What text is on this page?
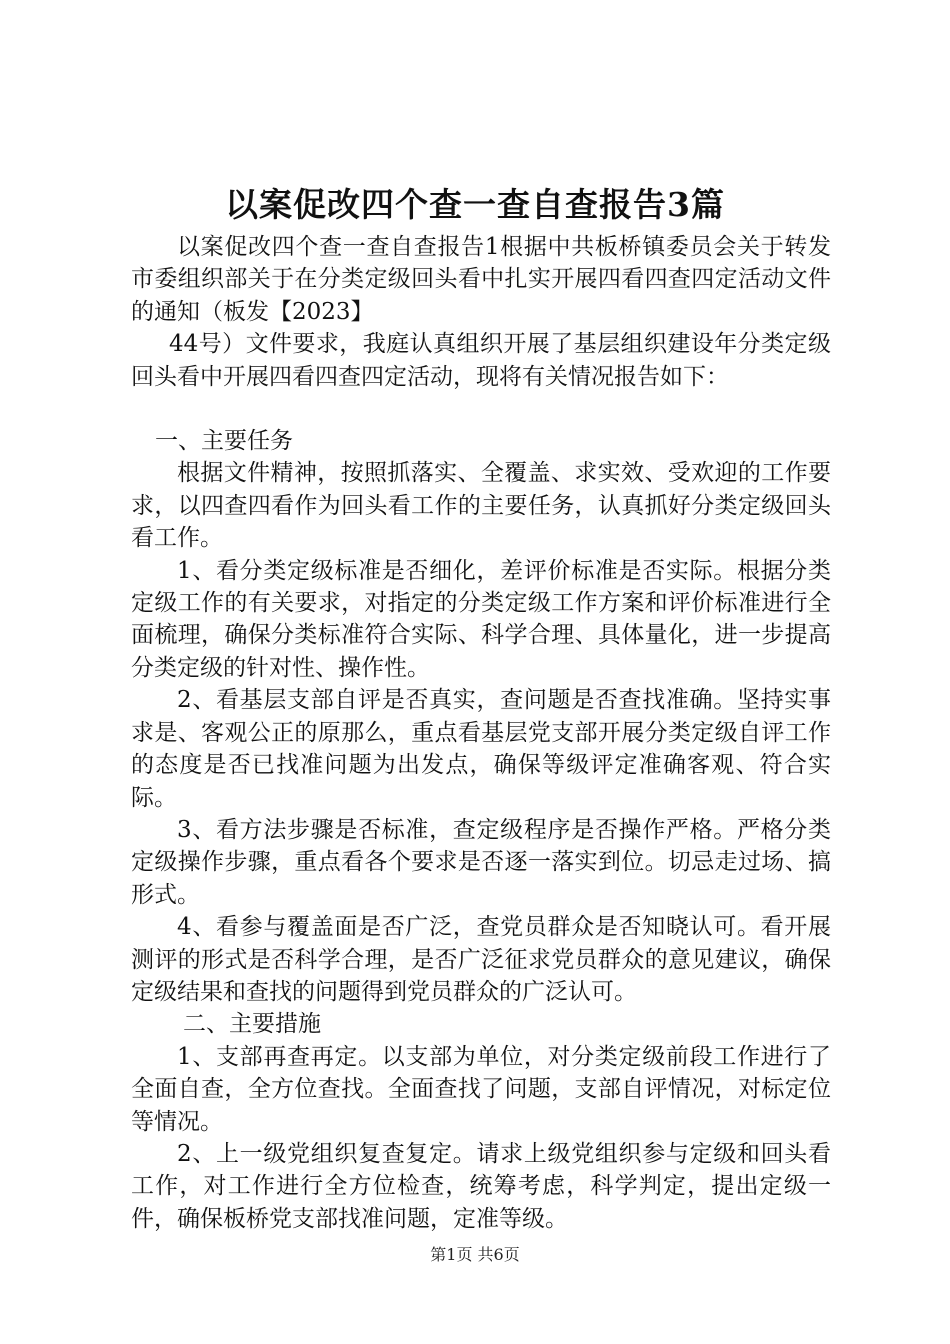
以案促改四个查一查自查报告3篇

以案促改四个查一查自查报告1根据中共板桥镇委员会关于转发市委组织部关于在分类定级回头看中扎实开展四看四查四定活动文件的通知（板发【2023】

44号）文件要求，我庭认真组织开展了基层组织建设年分类定级回头看中开展四看四查四定活动，现将有关情况报告如下：

一、主要任务

根据文件精神，按照抓落实、全覆盖、求实效、受欢迎的工作要求，以四查四看作为回头看工作的主要任务，认真抓好分类定级回头看工作。

1、看分类定级标准是否细化，差评价标准是否实际。根据分类定级工作的有关要求，对指定的分类定级工作方案和评价标准进行全面梳理，确保分类标准符合实际、科学合理、具体量化，进一步提高分类定级的针对性、操作性。

2、看基层支部自评是否真实，查问题是否查找准确。坚持实事求是、客观公正的原那么，重点看基层党支部开展分类定级自评工作的态度是否已找准问题为出发点，确保等级评定准确客观、符合实际。

3、看方法步骤是否标准，查定级程序是否操作严格。严格分类定级操作步骤，重点看各个要求是否逐一落实到位。切忌走过场、搞形式。

4、看参与覆盖面是否广泛，查党员群众是否知晓认可。看开展测评的形式是否科学合理，是否广泛征求党员群众的意见建议，确保定级结果和查找的问题得到党员群众的广泛认可。

二、主要措施

1、支部再查再定。以支部为单位，对分类定级前段工作进行了全面自查，全方位查找。全面查找了问题，支部自评情况，对标定位等情况。

2、上一级党组织复查复定。请求上级党组织参与定级和回头看工作，对工作进行全方位检查，统筹考虑，科学判定，提出定级一件，确保板桥党支部找准问题，定准等级。

第1页 共6页
